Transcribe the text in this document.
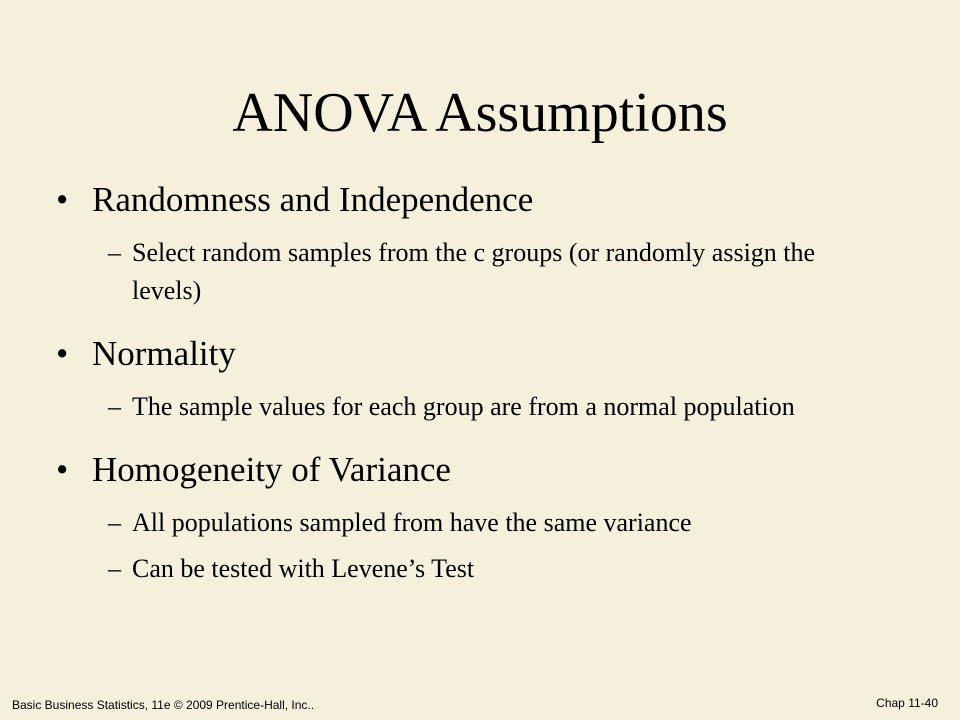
ANOVA Assumptions
• Randomness and Independence
– Select random samples from the c groups (or randomly assign the levels)
• Normality
– The sample values for each group are from a normal population
• Homogeneity of Variance
– All populations sampled from have the same variance
– Can be tested with Levene’s Test
Basic Business Statistics, 11e © 2009 Prentice-Hall, Inc..	Chap 11-40
